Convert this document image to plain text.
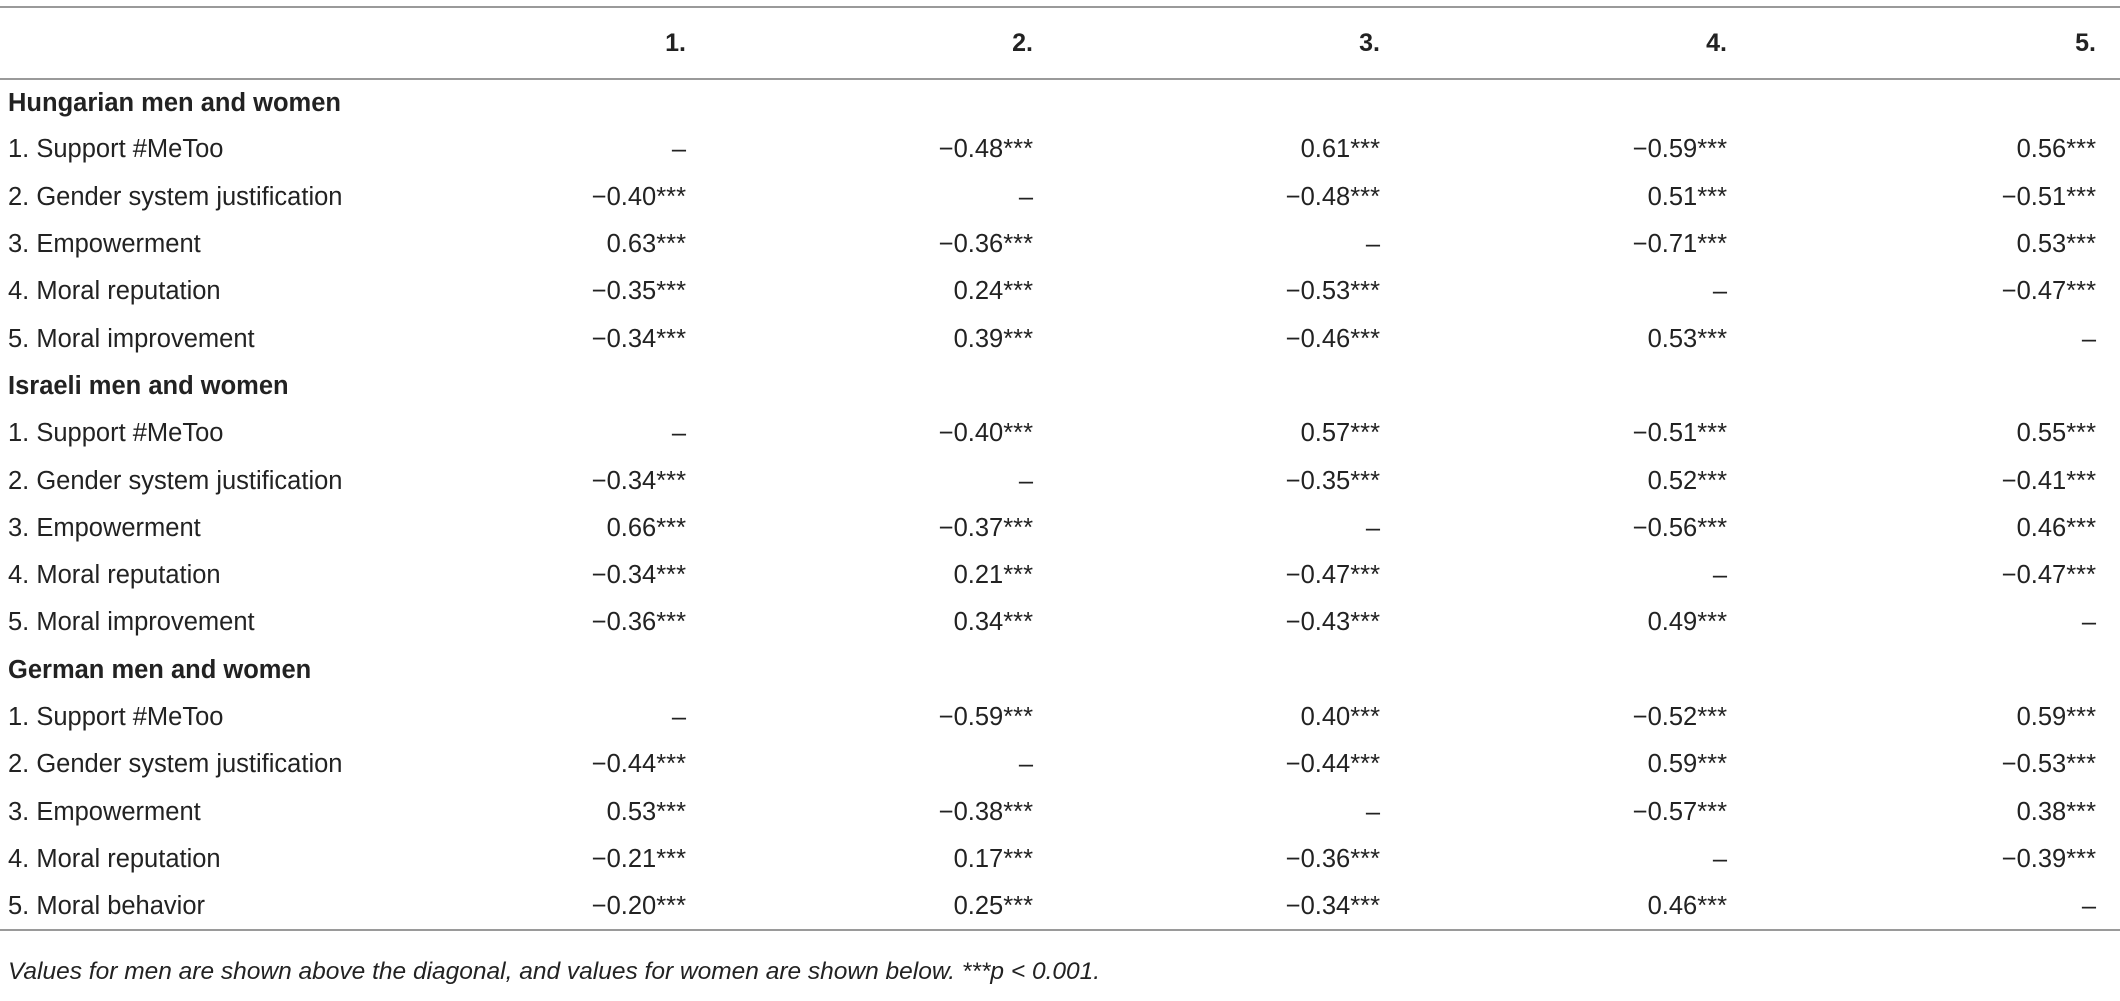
	1.	2.	3.	4.	5.
Hungarian men and women					
1. Support #MeToo	–	−0.48***	0.61***	−0.59***	0.56***
2. Gender system justification	−0.40***	–	−0.48***	0.51***	−0.51***
3. Empowerment	0.63***	−0.36***	–	−0.71***	0.53***
4. Moral reputation	−0.35***	0.24***	−0.53***	–	−0.47***
5. Moral improvement	−0.34***	0.39***	−0.46***	0.53***	–
Israeli men and women					
1. Support #MeToo	–	−0.40***	0.57***	−0.51***	0.55***
2. Gender system justification	−0.34***	–	−0.35***	0.52***	−0.41***
3. Empowerment	0.66***	−0.37***	–	−0.56***	0.46***
4. Moral reputation	−0.34***	0.21***	−0.47***	–	−0.47***
5. Moral improvement	−0.36***	0.34***	−0.43***	0.49***	–
German men and women					
1. Support #MeToo	–	−0.59***	0.40***	−0.52***	0.59***
2. Gender system justification	−0.44***	–	−0.44***	0.59***	−0.53***
3. Empowerment	0.53***	−0.38***	–	−0.57***	0.38***
4. Moral reputation	−0.21***	0.17***	−0.36***	–	−0.39***
5. Moral behavior	−0.20***	0.25***	−0.34***	0.46***	–
Values for men are shown above the diagonal, and values for women are shown below. ***p < 0.001.
